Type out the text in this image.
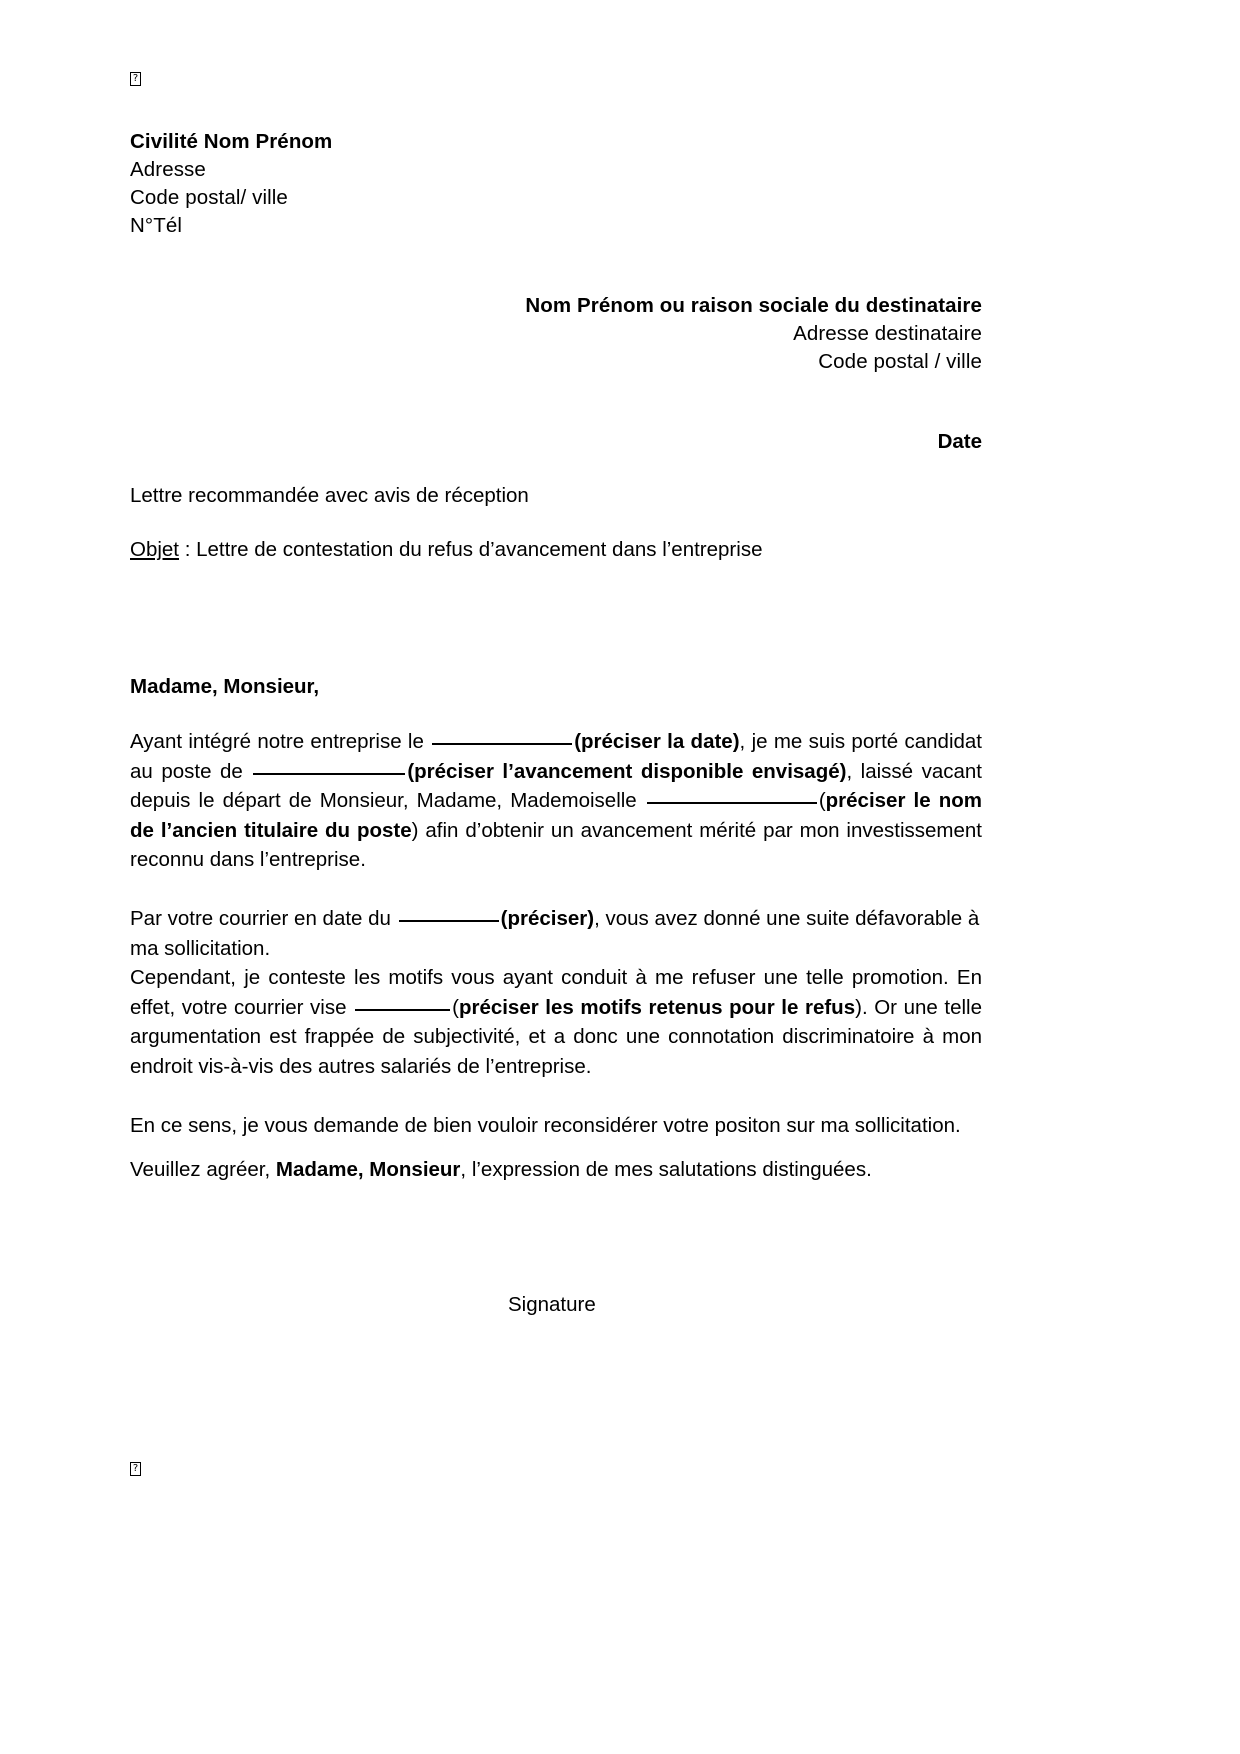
?
Civilité Nom Prénom
Adresse
Code postal/ ville
N°Tél
Nom Prénom ou raison sociale du destinataire
Adresse destinataire
Code postal / ville
Date
Lettre recommandée avec avis de réception
Objet : Lettre de contestation du refus d’avancement dans l’entreprise
Madame, Monsieur,

Ayant intégré notre entreprise le	(préciser la date), je me suis porté candidat au poste de	(préciser l’avancement disponible envisagé), laissé vacant depuis le départ de Monsieur, Madame, Mademoiselle	(préciser le nom de l’ancien titulaire du poste) afin d’obtenir un avancement mérité par mon investissement reconnu dans l’entreprise.

Par votre courrier en date du	(préciser), vous avez donné une suite défavorable à ma sollicitation.

Cependant, je conteste les motifs vous ayant conduit à me refuser une telle promotion. En effet, votre courrier vise	(préciser les motifs retenus pour le refus). Or une telle argumentation est frappée de subjectivité, et a donc une connotation discriminatoire à mon endroit vis-à-vis des autres salariés de l’entreprise.

En ce sens, je vous demande de bien vouloir reconsidérer votre positon sur ma sollicitation.

Veuillez agréer, Madame, Monsieur, l’expression de mes salutations distinguées.
Signature
?
